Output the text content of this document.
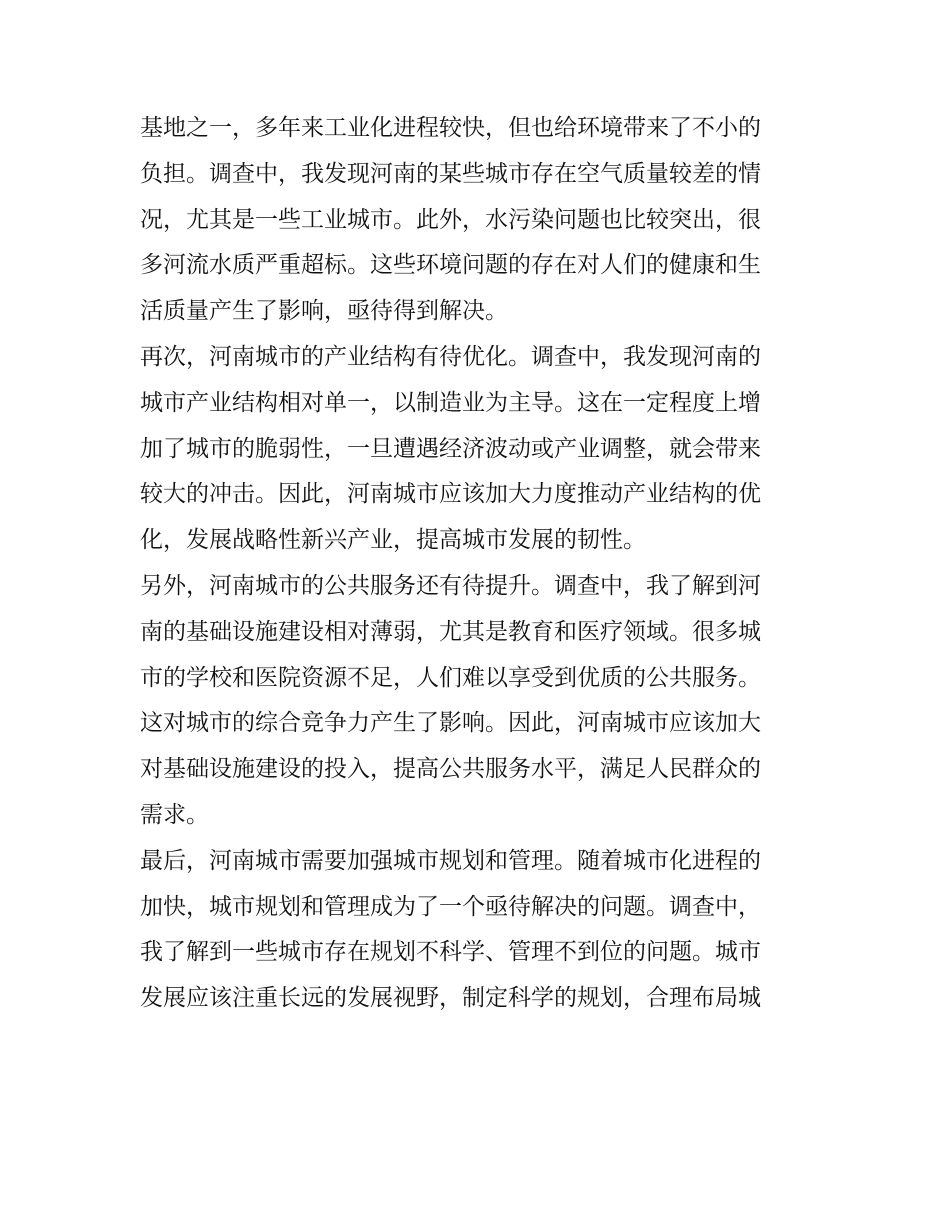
基地之一，多年来工业化进程较快，但也给环境带来了不小的
负担。调查中，我发现河南的某些城市存在空气质量较差的情
况，尤其是一些工业城市。此外，水污染问题也比较突出，很
多河流水质严重超标。这些环境问题的存在对人们的健康和生
活质量产生了影响，亟待得到解决。
再次，河南城市的产业结构有待优化。调查中，我发现河南的
城市产业结构相对单一，以制造业为主导。这在一定程度上增
加了城市的脆弱性，一旦遭遇经济波动或产业调整，就会带来
较大的冲击。因此，河南城市应该加大力度推动产业结构的优
化，发展战略性新兴产业，提高城市发展的韧性。
另外，河南城市的公共服务还有待提升。调查中，我了解到河
南的基础设施建设相对薄弱，尤其是教育和医疗领域。很多城
市的学校和医院资源不足，人们难以享受到优质的公共服务。
这对城市的综合竞争力产生了影响。因此，河南城市应该加大
对基础设施建设的投入，提高公共服务水平，满足人民群众的
需求。
最后，河南城市需要加强城市规划和管理。随着城市化进程的
加快，城市规划和管理成为了一个亟待解决的问题。调查中，
我了解到一些城市存在规划不科学、管理不到位的问题。城市
发展应该注重长远的发展视野，制定科学的规划，合理布局城
